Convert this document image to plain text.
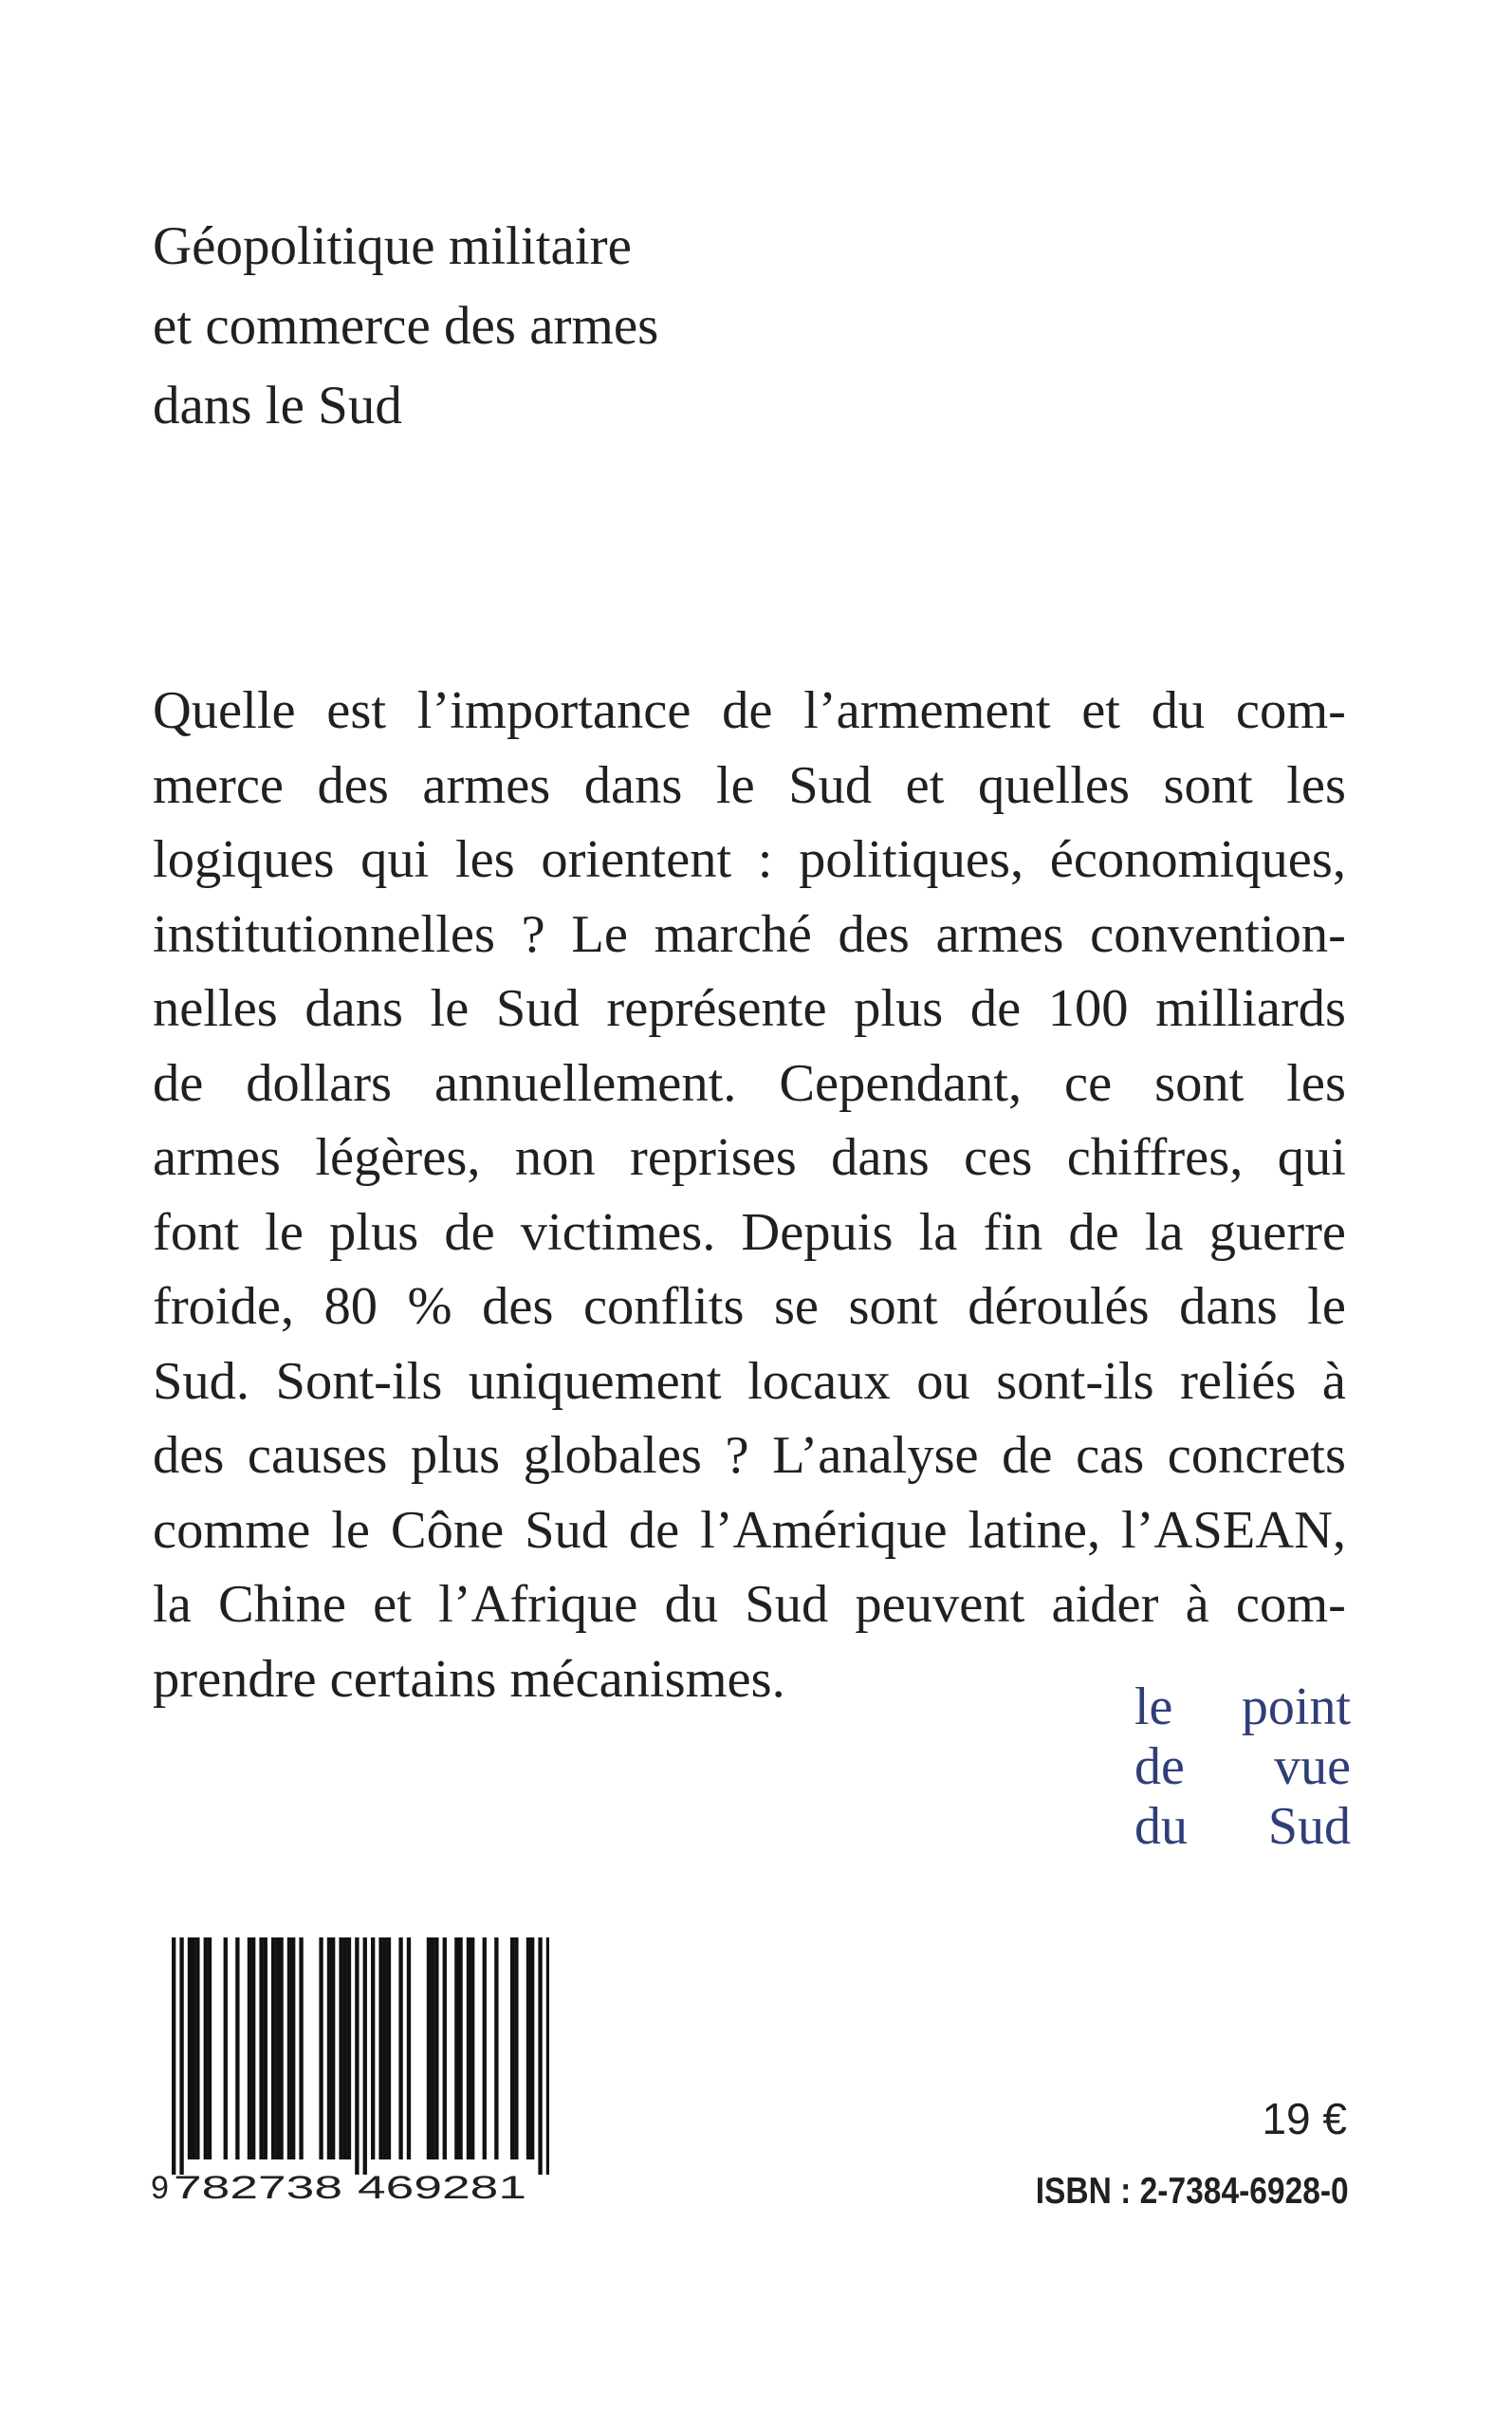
Géopolitique militaire
et commerce des armes
dans le Sud
Quelle est l’importance de l’armement et du com-
merce des armes dans le Sud et quelles sont les
logiques qui les orientent : politiques, économiques,
institutionnelles ? Le marché des armes convention-
nelles dans le Sud représente plus de 100 milliards
de dollars annuellement. Cependant, ce sont les
armes légères, non reprises dans ces chiffres, qui
font le plus de victimes. Depuis la fin de la guerre
froide, 80 % des conflits se sont déroulés dans le
Sud. Sont-ils uniquement locaux ou sont-ils reliés à
des causes plus globales ? L’analyse de cas concrets
comme le Cône Sud de l’Amérique latine, l’ASEAN,
la Chine et l’Afrique du Sud peuvent aider à com-
prendre certains mécanismes.	le point
de vue
du Sud
9 782738 469281
19 €
ISBN : 2-7384-6928-0
